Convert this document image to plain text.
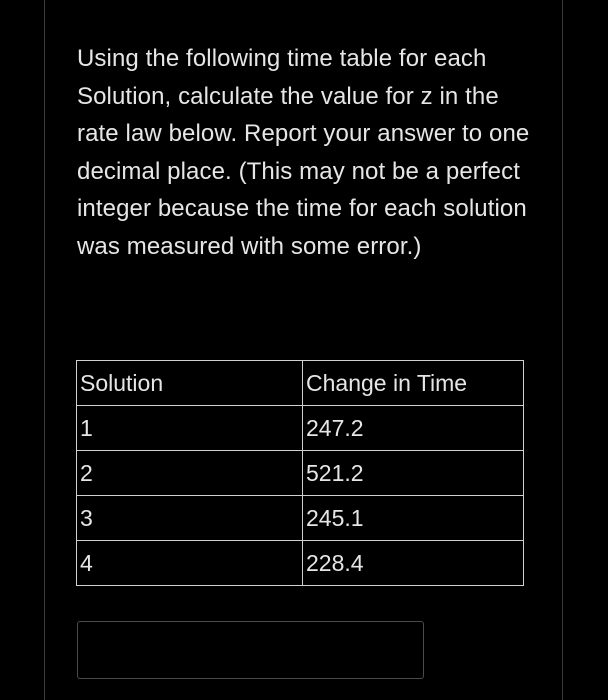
Using the following time table for each Solution, calculate the value for z in the rate law below. Report your answer to one decimal place. (This may not be a perfect integer because the time for each solution was measured with some error.)

Solution	Change in Time
1	247.2
2	521.2
3	245.1
4	228.4
